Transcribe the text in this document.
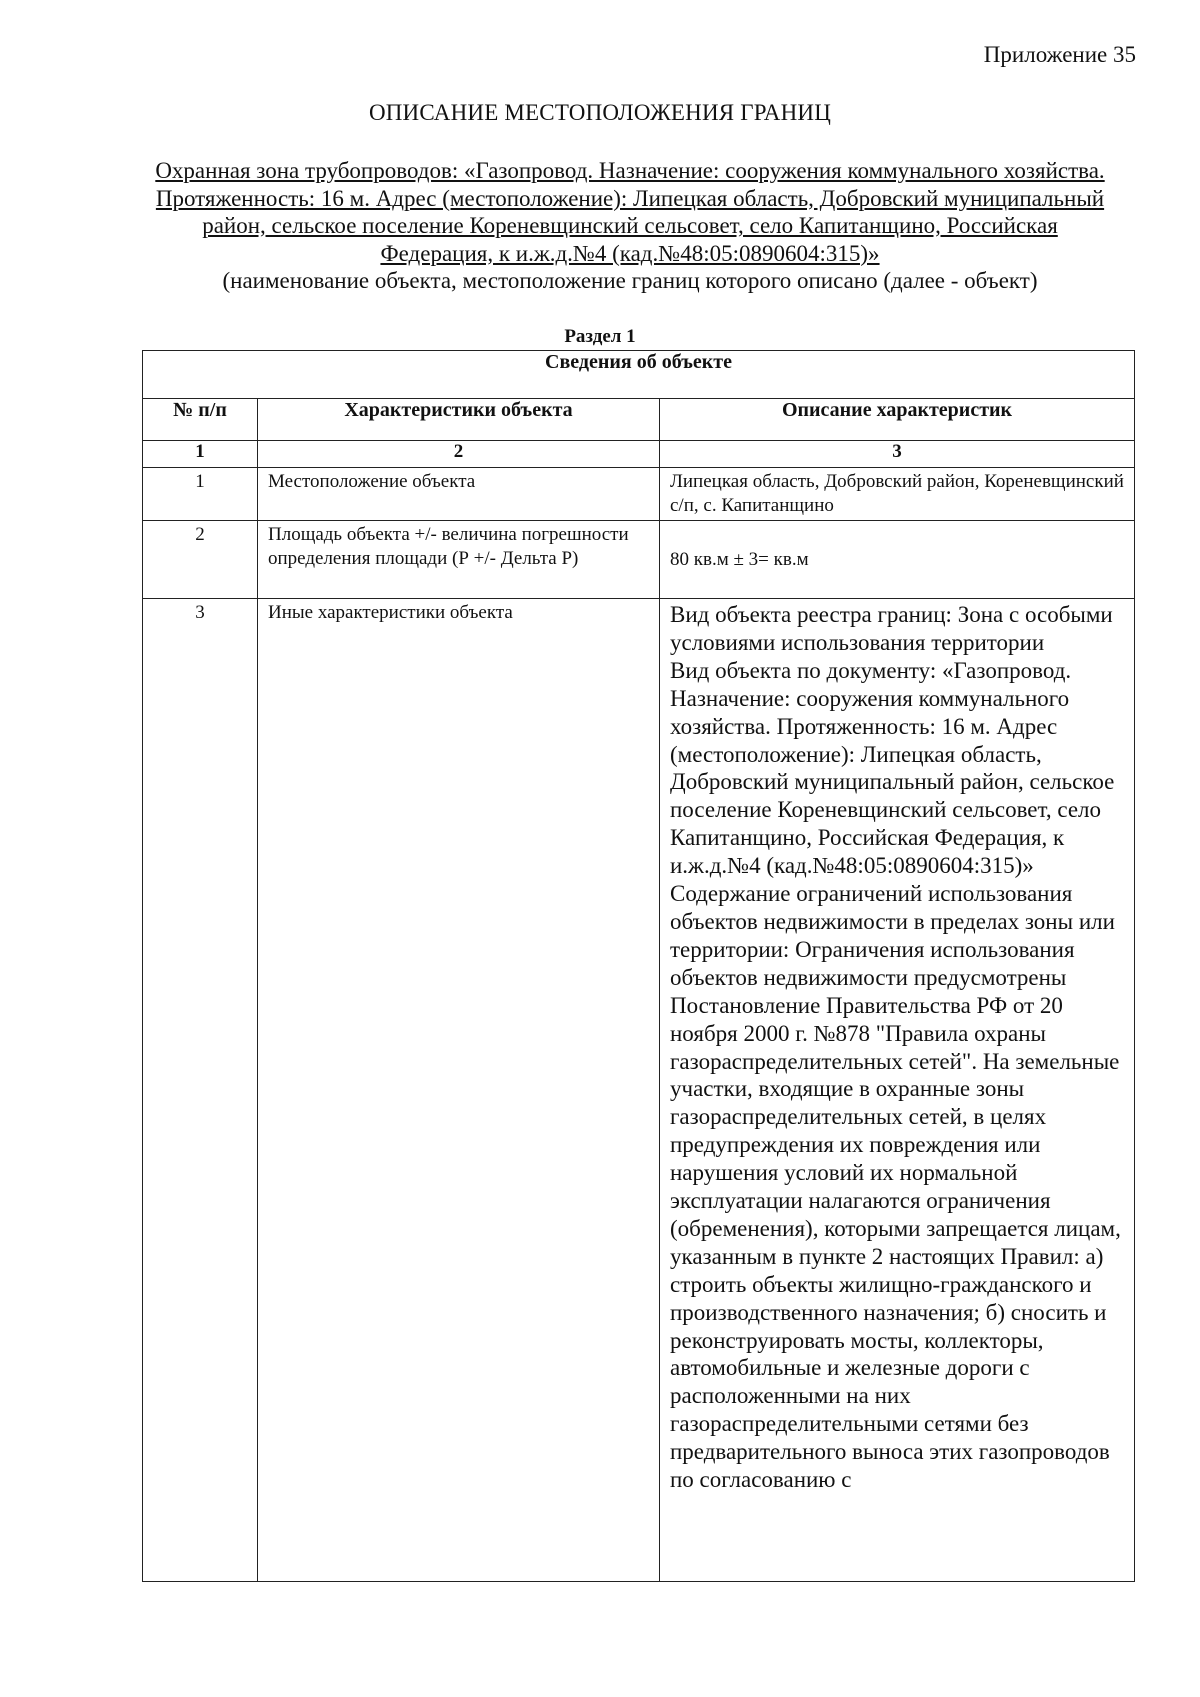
Приложение 35
ОПИСАНИЕ МЕСТОПОЛОЖЕНИЯ ГРАНИЦ
Охранная зона трубопроводов: «Газопровод. Назначение: сооружения коммунального хозяйства. Протяженность: 16 м. Адрес (местоположение): Липецкая область, Добровский муниципальный район, сельское поселение Кореневщинский сельсовет, село Капитанщино, Российская Федерация, к и.ж.д.№4 (кад.№48:05:0890604:315)»
(наименование объекта, местоположение границ которого описано (далее - объект)
Раздел 1
Сведения об объекте		
№ п/п	Характеристики объекта	Описание характеристик
1	2	3
1	Местоположение объекта	Липецкая область, Добровский район, Кореневщинский с/п, с. Капитанщино
2	Площадь объекта +/- величина погрешности определения площади (Р +/- Дельта Р)	80 кв.м ± 3= кв.м
3	Иные характеристики объекта	Вид объекта реестра границ: Зона с особыми условиями использования территории
Вид объекта по документу: «Газопровод. Назначение: сооружения коммунального хозяйства. Протяженность: 16 м. Адрес (местоположение): Липецкая область, Добровский муниципальный район, сельское поселение Кореневщинский сельсовет, село Капитанщино, Российская Федерация, к и.ж.д.№4 (кад.№48:05:0890604:315)»
Содержание ограничений использования объектов недвижимости в пределах зоны или территории: Ограничения использования объектов недвижимости предусмотрены Постановление Правительства РФ от 20 ноября 2000 г. №878 "Правила охраны газораспределительных сетей". На земельные участки, входящие в охранные зоны газораспределительных сетей, в целях предупреждения их повреждения или нарушения условий их нормальной эксплуатации налагаются ограничения (обременения), которыми запрещается лицам, указанным в пункте 2 настоящих Правил: а) строить объекты жилищно-гражданского и производственного назначения; б) сносить и реконструировать мосты, коллекторы, автомобильные и железные дороги с расположенными на них газораспределительными сетями без предварительного выноса этих газопроводов по согласованию с
